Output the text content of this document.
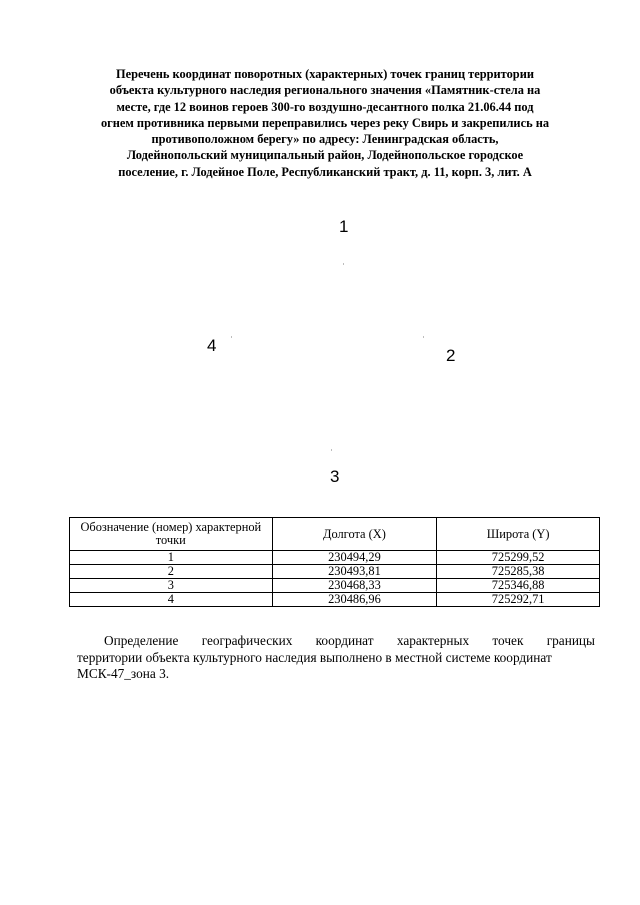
Перечень координат поворотных (характерных) точек границ территории
объекта культурного наследия регионального значения «Памятник-стела на
месте, где 12 воинов героев 300-го воздушно-десантного полка 21.06.44 под
огнем противника первыми переправились через реку Свирь и закрепились на
противоположном берегу» по адресу: Ленинградская область,
Лодейнопольский муниципальный район, Лодейнопольское городское
поселение, г. Лодейное Поле, Республиканский тракт, д. 11, корп. 3, лит. А
1
2
3
4
Обозначение (номер) характерной точки	Долгота (X)	Широта (Y)
1	230494,29	725299,52
2	230493,81	725285,38
3	230468,33	725346,88
4	230486,96	725292,71

Определение географических координат характерных точек границы

территории объекта культурного наследия выполнено в местной системе координат

МСК-47_зона 3.
